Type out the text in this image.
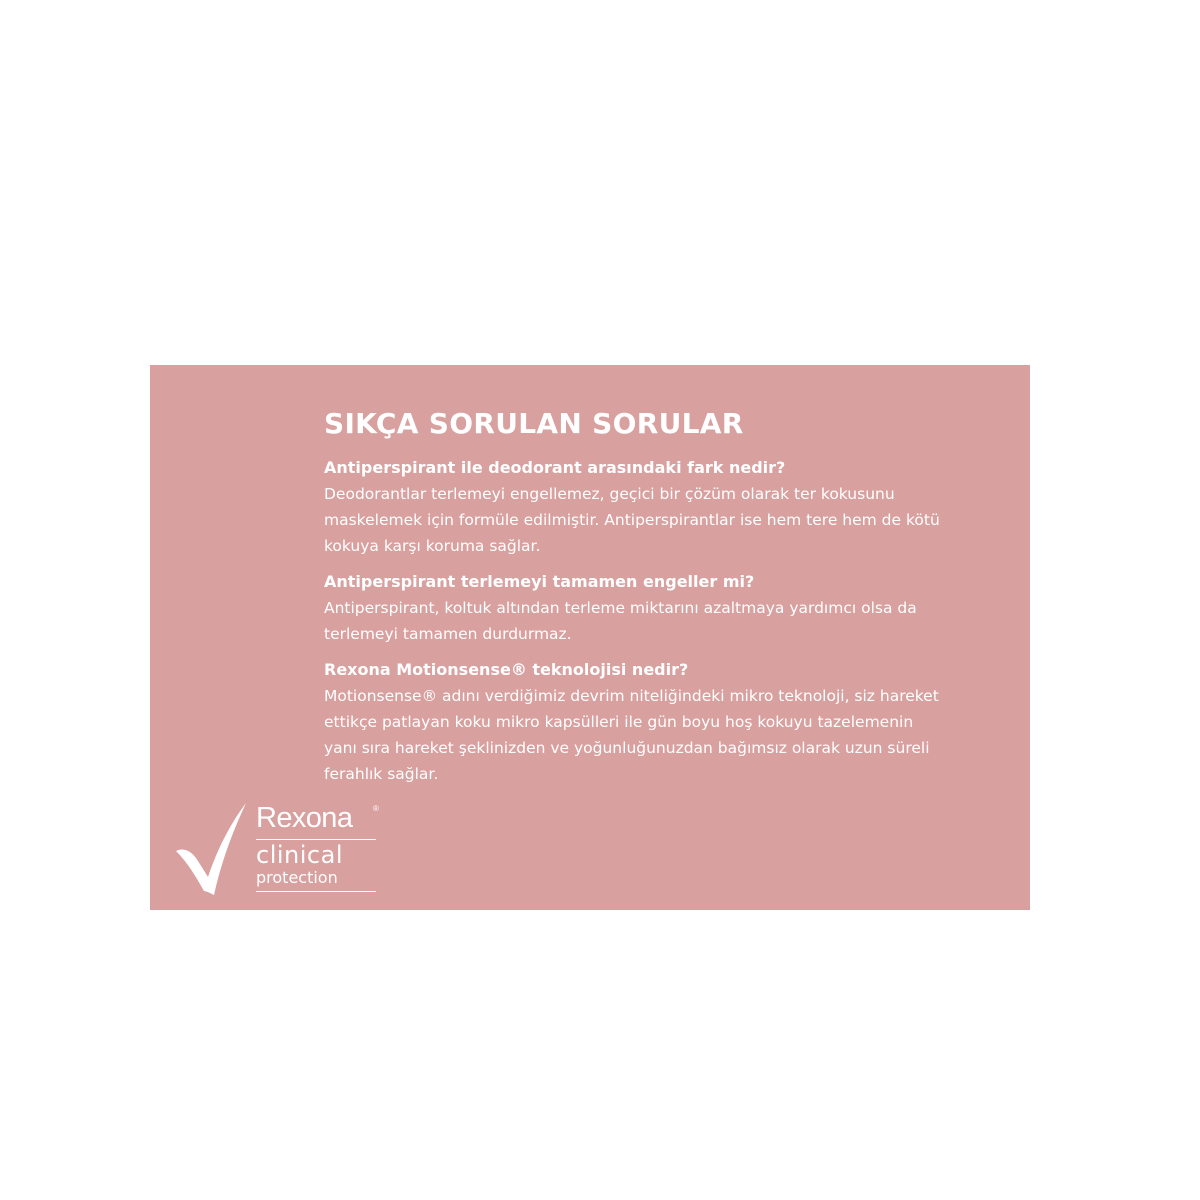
SIKÇA SORULAN SORULAR
Antiperspirant ile deodorant arasındaki fark nedir?
Deodorantlar terlemeyi engellemez, geçici bir çözüm olarak ter kokusunu
maskelemek için formüle edilmiştir. Antiperspirantlar ise hem tere hem de kötü
kokuya karşı koruma sağlar.
Antiperspirant terlemeyi tamamen engeller mi?
Antiperspirant, koltuk altından terleme miktarını azaltmaya yardımcı olsa da
terlemeyi tamamen durdurmaz.
Rexona Motionsense® teknolojisi nedir?
Motionsense® adını verdiğimiz devrim niteliğindeki mikro teknoloji, siz hareket
ettikçe patlayan koku mikro kapsülleri ile gün boyu hoş kokuyu tazelemenin
yanı sıra hareket şeklinizden ve yoğunluğunuzdan bağımsız olarak uzun süreli
ferahlık sağlar.
Rexona	®
clinical
protection
